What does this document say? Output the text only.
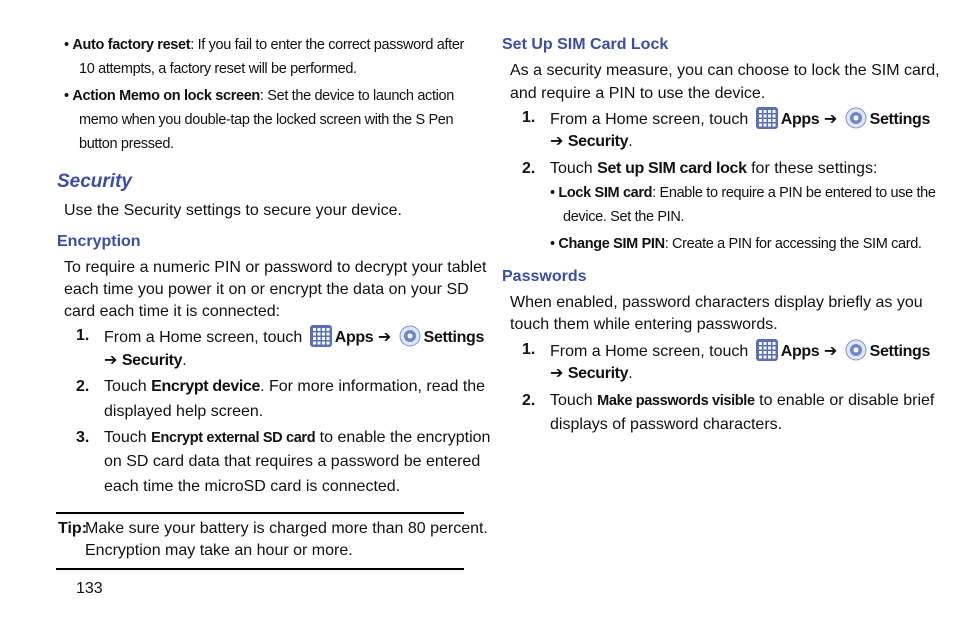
• Auto factory reset: If you fail to enter the correct password after
10 attempts, a factory reset will be performed.
• Action Memo on lock screen: Set the device to launch action
memo when you double-tap the locked screen with the S Pen
button pressed.
Security
Use the Security settings to secure your device.
Encryption
To require a numeric PIN or password to decrypt your tablet
each time you power it on or encrypt the data on your SD
card each time it is connected:
1. From a Home screen, touch Apps ➔ Settings
➔ Security.
2. Touch Encrypt device. For more information, read the
displayed help screen.
3. Touch Encrypt external SD card to enable the encryption
on SD card data that requires a password be entered
each time the microSD card is connected.
Tip:
Make sure your battery is charged more than 80 percent.
Encryption may take an hour or more.
133
Set Up SIM Card Lock
As a security measure, you can choose to lock the SIM card,
and require a PIN to use the device.
1. From a Home screen, touch Apps ➔ Settings
➔ Security.
2. Touch Set up SIM card lock for these settings:
• Lock SIM card: Enable to require a PIN be entered to use the
device. Set the PIN.
• Change SIM PIN: Create a PIN for accessing the SIM card.
Passwords
When enabled, password characters display briefly as you
touch them while entering passwords.
1. From a Home screen, touch Apps ➔ Settings
➔ Security.
2. Touch Make passwords visible to enable or disable brief
displays of password characters.
